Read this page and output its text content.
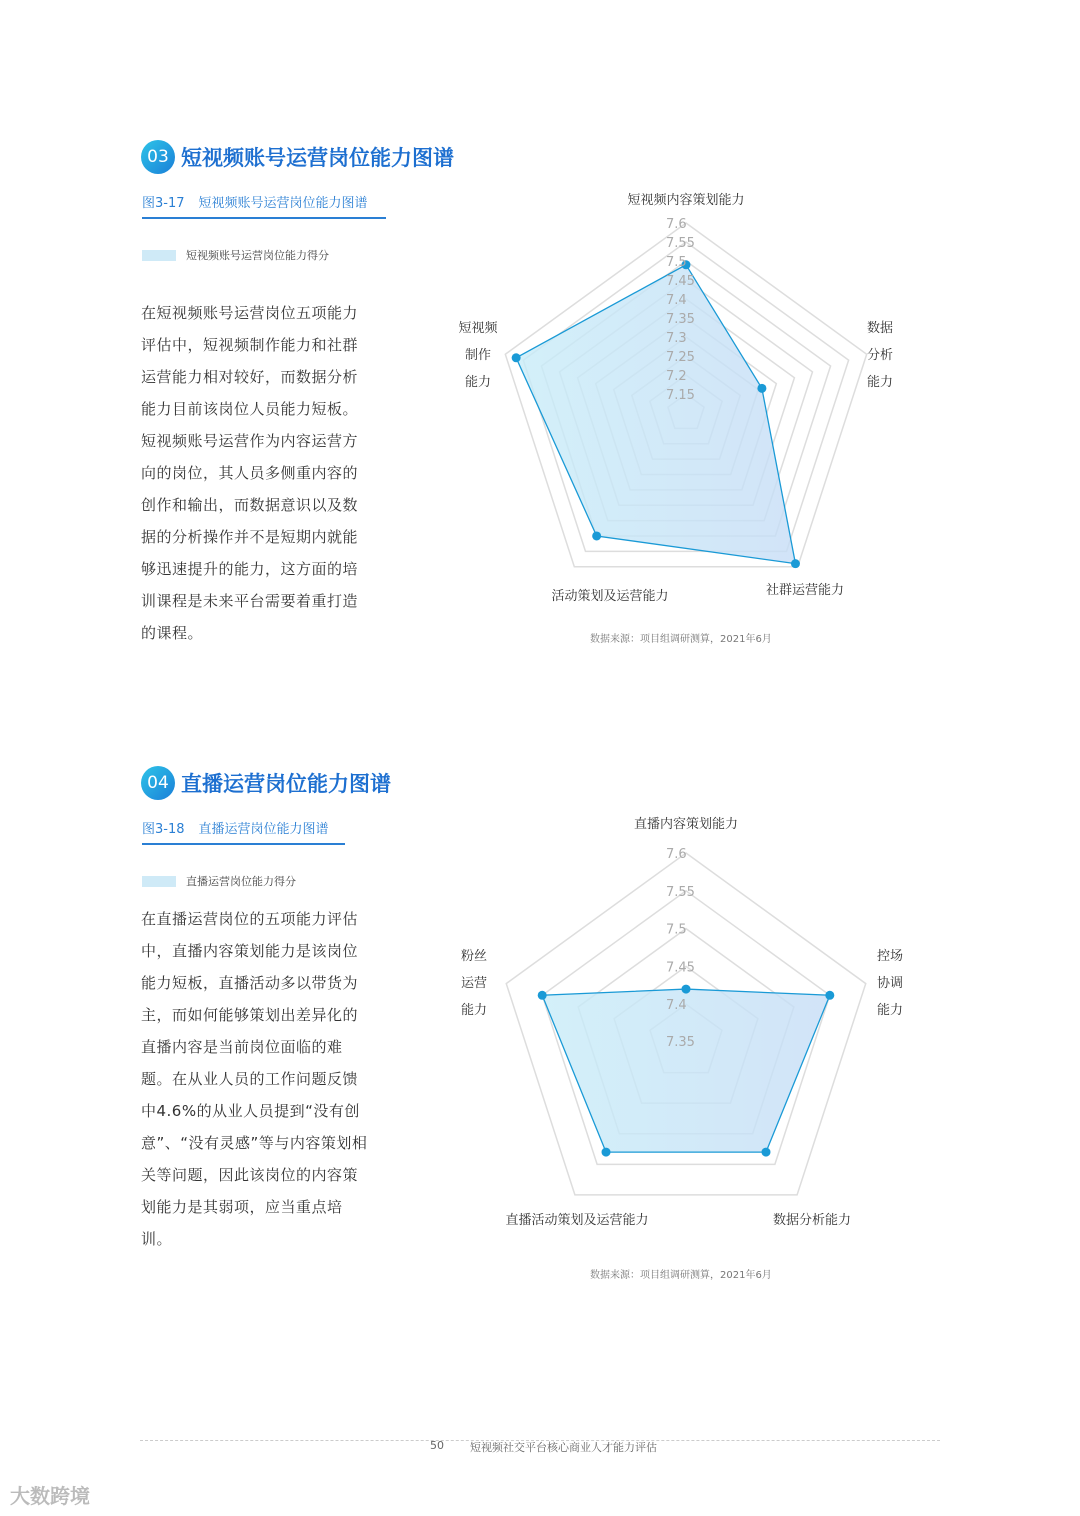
03 短视频账号运营岗位能力图谱
图3-17 短视频账号运营岗位能力图谱
短视频账号运营岗位能力得分
在短视频账号运营岗位五项能力评估中，短视频制作能力和社群运营能力相对较好，而数据分析能力目前该岗位人员能力短板。短视频账号运营作为内容运营方向的岗位，其人员多侧重内容的创作和输出，而数据意识以及数据的分析操作并不是短期内就能够迅速提升的能力，这方面的培训课程是未来平台需要着重打造的课程。
7.15
7.2
7.25
7.3
7.35
7.4
7.45
7.5
7.55
7.6
短视频内容策划能力
数据
分析
能力
社群运营能力
活动策划及运营能力
短视频
制作
能力
数据来源：项目组调研测算，2021年6月
04 直播运营岗位能力图谱
图3-18 直播运营岗位能力图谱
直播运营岗位能力得分
在直播运营岗位的五项能力评估中，直播内容策划能力是该岗位能力短板，直播活动多以带货为主，而如何能够策划出差异化的直播内容是当前岗位面临的难题。在从业人员的工作问题反馈中4.6%的从业人员提到“没有创意”、“没有灵感”等与内容策划相关等问题，因此该岗位的内容策划能力是其弱项，应当重点培训。
7.35
7.4
7.45
7.5
7.55
7.6
直播内容策划能力
控场
协调
能力
数据分析能力
直播活动策划及运营能力
粉丝
运营
能力
数据来源：项目组调研测算，2021年6月
50 短视频社交平台核心商业人才能力评估
大数跨境
